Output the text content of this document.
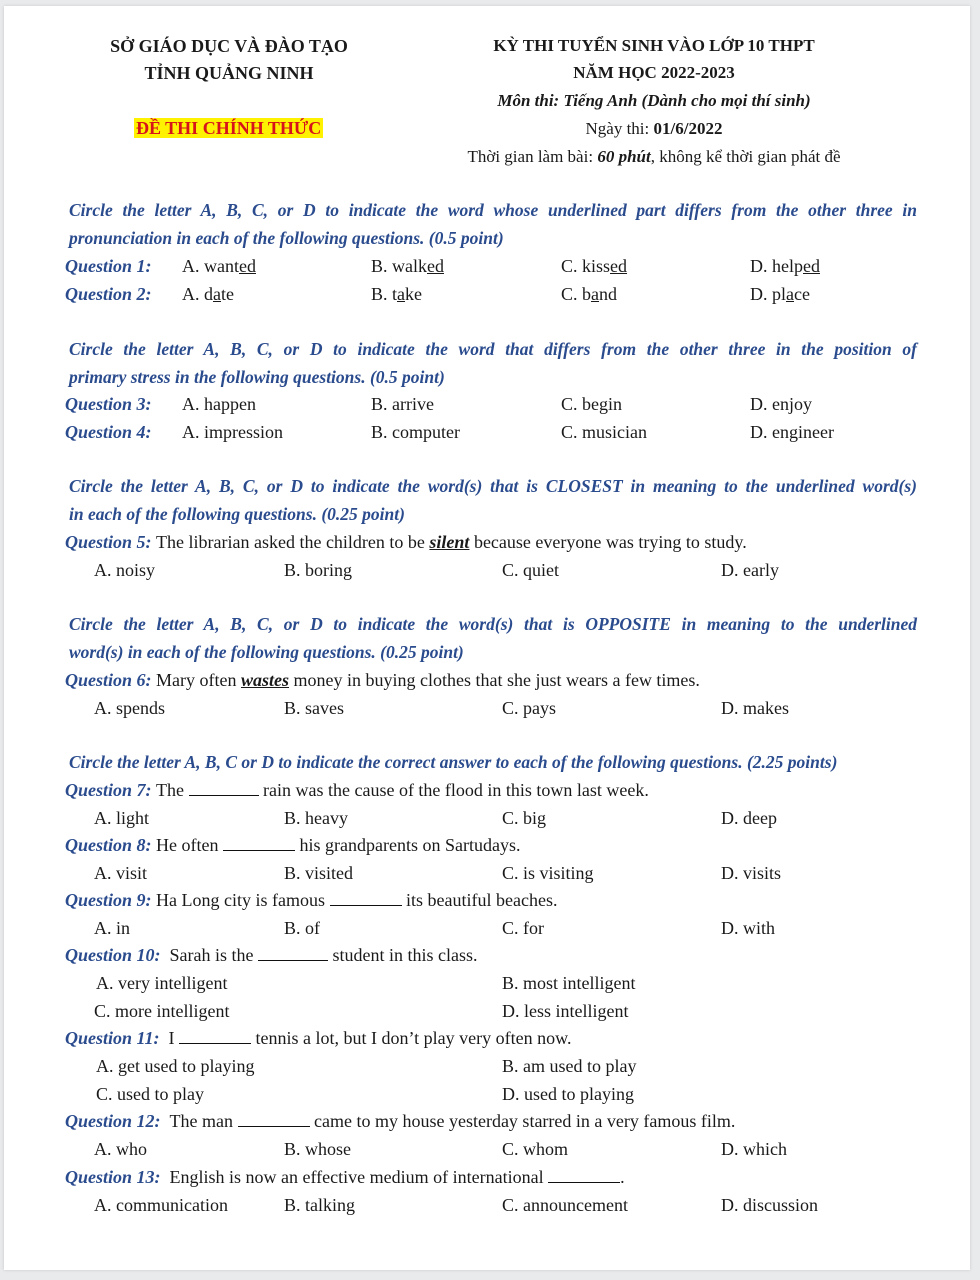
SỞ GIÁO DỤC VÀ ĐÀO TẠO
TỈNH QUẢNG NINH
ĐỀ THI CHÍNH THỨC
KỲ THI TUYỂN SINH VÀO LỚP 10 THPT
NĂM HỌC 2022-2023
Môn thi: Tiếng Anh (Dành cho mọi thí sinh)
Ngày thi: 01/6/2022
Thời gian làm bài: 60 phút, không kể thời gian phát đề
Circle the letter A, B, C, or D to indicate the word whose underlined part differs from the other three in
pronunciation in each of the following questions. (0.5 point)
Question 1: A. wanted	B. walked	C. kissed	D. helped
Question 2: A. date	B. take	C. band	D. place
Circle the letter A, B, C, or D to indicate the word that differs from the other three in the position of
primary stress in the following questions. (0.5 point)
Question 3: A. happen	B. arrive	C. begin	D. enjoy
Question 4: A. impression	B. computer	C. musician	D. engineer
Circle the letter A, B, C, or D to indicate the word(s) that is CLOSEST in meaning to the underlined word(s)
in each of the following questions. (0.25 point)
Question 5: The librarian asked the children to be silent because everyone was trying to study.
A. noisy	B. boring	C. quiet	D. early
Circle the letter A, B, C, or D to indicate the word(s) that is OPPOSITE in meaning to the underlined
word(s) in each of the following questions. (0.25 point)
Question 6: Mary often wastes money in buying clothes that she just wears a few times.
A. spends	B. saves	C. pays	D. makes
Circle the letter A, B, C or D to indicate the correct answer to each of the following questions. (2.25 points)
Question 7: The	rain was the cause of the flood in this town last week.
A. light	B. heavy	C. big	D. deep
Question 8: He often	his grandparents on Sartudays.
A. visit	B. visited	C. is visiting	D. visits
Question 9: Ha Long city is famous	its beautiful beaches.
A. in	B. of	C. for	D. with
Question 10: Sarah is the	student in this class.
A. very intelligent	B. most intelligent
C. more intelligent	D. less intelligent
Question 11: I	tennis a lot, but I don’t play very often now.
A. get used to playing	B. am used to play
C. used to play	D. used to playing
Question 12: The man	came to my house yesterday starred in a very famous film.
A. who	B. whose	C. whom	D. which
Question 13: English is now an effective medium of international	.
A. communication	B. talking	C. announcement	D. discussion
